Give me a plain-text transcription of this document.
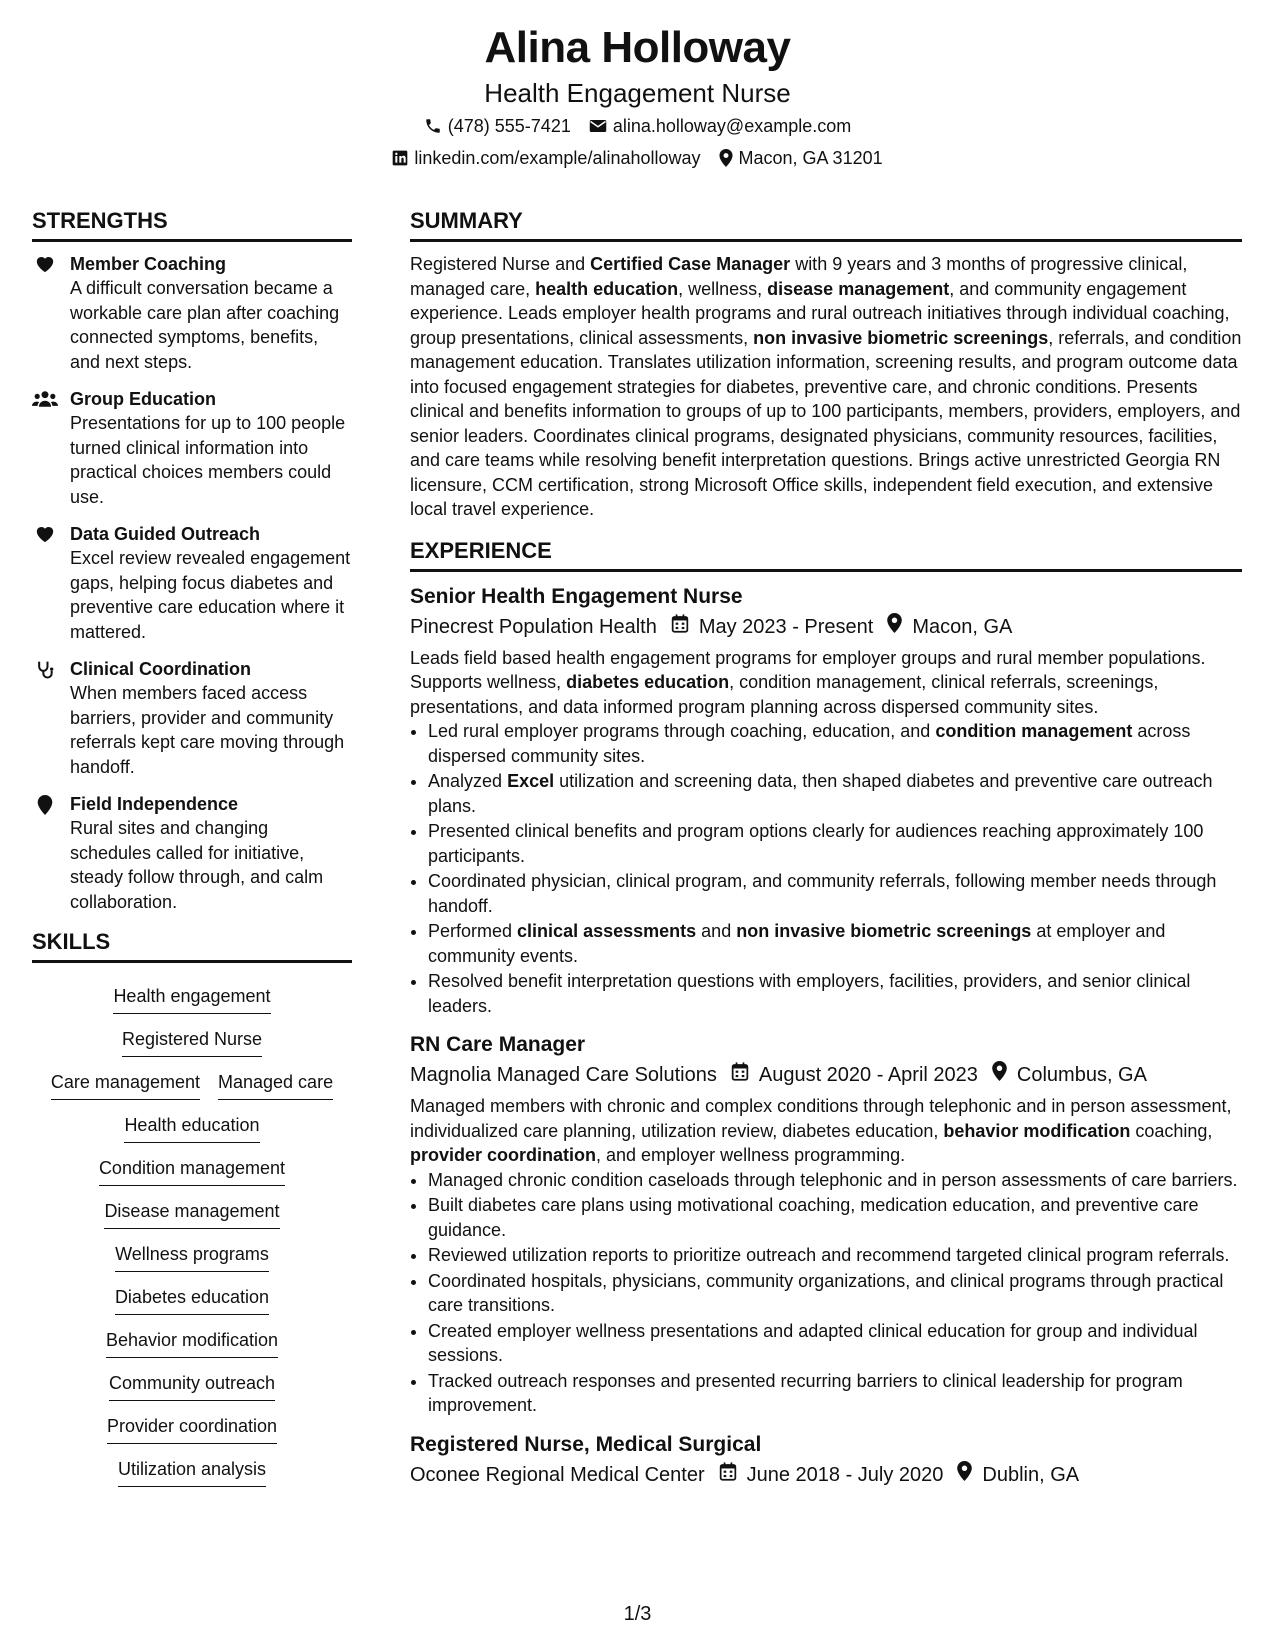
Alina Holloway
Health Engagement Nurse
(478) 555-7421 alina.holloway@example.com
linkedin.com/example/alinaholloway Macon, GA 31201
STRENGTHS
Member Coaching
A difficult conversation became a workable care plan after coaching connected symptoms, benefits, and next steps.
Group Education
Presentations for up to 100 people turned clinical information into practical choices members could use.
Data Guided Outreach
Excel review revealed engagement gaps, helping focus diabetes and preventive care education where it mattered.
Clinical Coordination
When members faced access barriers, provider and community referrals kept care moving through handoff.
Field Independence
Rural sites and changing schedules called for initiative, steady follow through, and calm collaboration.
SKILLS
Health engagement
Registered Nurse
Care management Managed care
Health education
Condition management
Disease management
Wellness programs
Diabetes education
Behavior modification
Community outreach
Provider coordination
Utilization analysis
SUMMARY
Registered Nurse and Certified Case Manager with 9 years and 3 months of progressive clinical, managed care, health education, wellness, disease management, and community engagement experience. Leads employer health programs and rural outreach initiatives through individual coaching, group presentations, clinical assessments, non invasive biometric screenings, referrals, and condition management education. Translates utilization information, screening results, and program outcome data into focused engagement strategies for diabetes, preventive care, and chronic conditions. Presents clinical and benefits information to groups of up to 100 participants, members, providers, employers, and senior leaders. Coordinates clinical programs, designated physicians, community resources, facilities, and care teams while resolving benefit interpretation questions. Brings active unrestricted Georgia RN licensure, CCM certification, strong Microsoft Office skills, independent field execution, and extensive local travel experience.
EXPERIENCE
Senior Health Engagement Nurse
Pinecrest Population Health May 2023 - Present Macon, GA
Leads field based health engagement programs for employer groups and rural member populations. Supports wellness, diabetes education, condition management, clinical referrals, screenings, presentations, and data informed program planning across dispersed community sites.
• Led rural employer programs through coaching, education, and condition management across dispersed community sites.
• Analyzed Excel utilization and screening data, then shaped diabetes and preventive care outreach plans.
• Presented clinical benefits and program options clearly for audiences reaching approximately 100 participants.
• Coordinated physician, clinical program, and community referrals, following member needs through handoff.
• Performed clinical assessments and non invasive biometric screenings at employer and community events.
• Resolved benefit interpretation questions with employers, facilities, providers, and senior clinical leaders.
RN Care Manager
Magnolia Managed Care Solutions August 2020 - April 2023 Columbus, GA
Managed members with chronic and complex conditions through telephonic and in person assessment, individualized care planning, utilization review, diabetes education, behavior modification coaching, provider coordination, and employer wellness programming.
• Managed chronic condition caseloads through telephonic and in person assessments of care barriers.
• Built diabetes care plans using motivational coaching, medication education, and preventive care guidance.
• Reviewed utilization reports to prioritize outreach and recommend targeted clinical program referrals.
• Coordinated hospitals, physicians, community organizations, and clinical programs through practical care transitions.
• Created employer wellness presentations and adapted clinical education for group and individual sessions.
• Tracked outreach responses and presented recurring barriers to clinical leadership for program improvement.
Registered Nurse, Medical Surgical
Oconee Regional Medical Center June 2018 - July 2020 Dublin, GA
1/3
